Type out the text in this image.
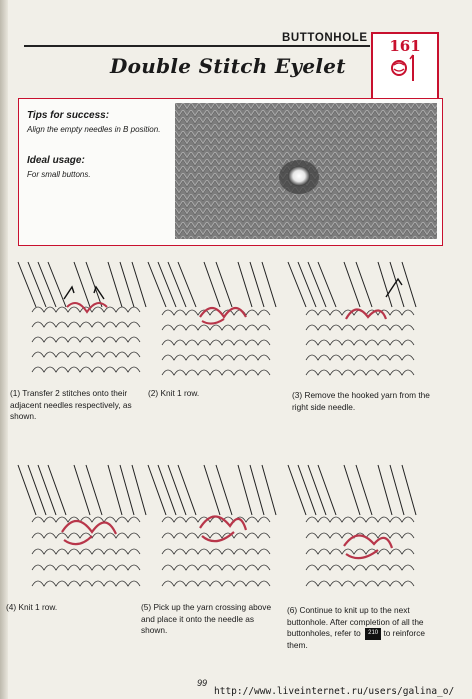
BUTTONHOLE
Double Stitch Eyelet
161
Tips for success:
Align the empty needles in B position.
Ideal usage:
For small buttons.
(1) Transfer 2 stitches onto their adjacent needles respectively, as shown.
(2) Knit 1 row.	(3) Remove the hooked yarn from the right side needle.
(4) Knit 1 row.	(5) Pick up the yarn crossing above and place it onto the needle as shown.
(6) Continue to knit up to the next buttonhole. After completion of all the buttonholes, refer to 210 to reinforce them.
99
http://www.liveinternet.ru/users/galina_o/
